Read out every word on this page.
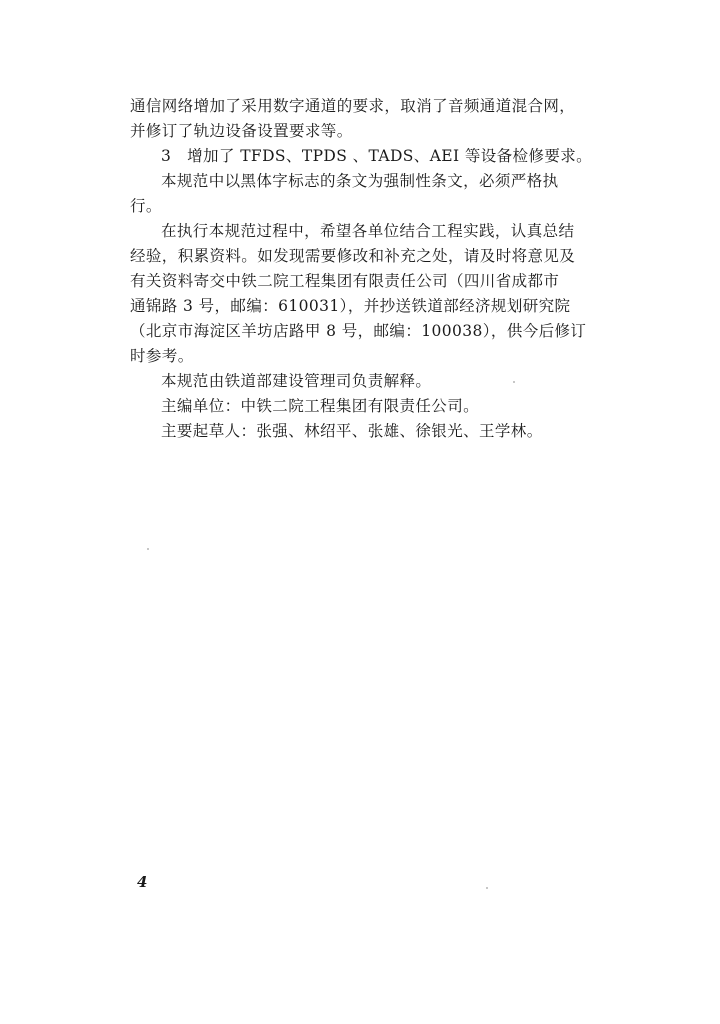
通信网络增加了采用数字通道的要求，取消了音频通道混合网，
并修订了轨边设备设置要求等。
3　增加了 TFDS、TPDS 、TADS、AEI 等设备检修要求。
本规范中以黑体字标志的条文为强制性条文，必须严格执
行。
在执行本规范过程中，希望各单位结合工程实践，认真总结
经验，积累资料。如发现需要修改和补充之处，请及时将意见及
有关资料寄交中铁二院工程集团有限责任公司（四川省成都市
通锦路 3 号，邮编：610031），并抄送铁道部经济规划研究院
（北京市海淀区羊坊店路甲 8 号，邮编：100038），供今后修订
时参考。
本规范由铁道部建设管理司负责解释。
主编单位：中铁二院工程集团有限责任公司。
主要起草人：张强、林绍平、张雄、徐银光、王学林。
4
